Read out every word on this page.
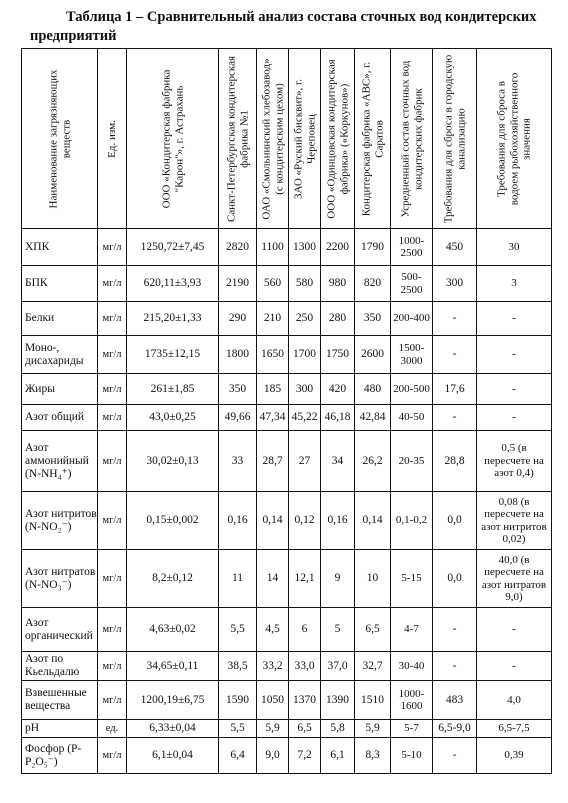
Таблица 1 – Сравнительный анализ состава сточных вод кондитерских
предприятий
Наименование загрязняющих веществ	Ед. изм.	ООО «Кондитерская фабрика "Карон"», г. Астрахань	Санкт-Петербургская кондитерская фабрика №1	ОАО «Смольнинский хлебозавод» (с кондитерским цехом)	ЗАО «Руский бисквит», г. Череповец	ООО «Одинцовская кондитерская фабрика» («Коркунов»)	Кондитерская фабрика «АВС», г. Саратов	Усредненный состав сточных вод кондитерских фабрик	Требования для сброса в городскую канализацию	Требования для сброса в водоем рыбохозяйственного значения

ХПК	мг/л	1250,72±7,45	2820	1100	1300	2200	1790	1000-2500	450	30
БПК	мг/л	620,11±3,93	2190	560	580	980	820	500-2500	300	3
Белки	мг/л	215,20±1,33	290	210	250	280	350	200-400	-	-
Моно-, дисахариды	мг/л	1735±12,15	1800	1650	1700	1750	2600	1500-3000	-	-
Жиры	мг/л	261±1,85	350	185	300	420	480	200-500	17,6	-
Азот общий	мг/л	43,0±0,25	49,66	47,34	45,22	46,18	42,84	40-50	-	-
Азот аммонийный (N-NH₄⁺)	мг/л	30,02±0,13	33	28,7	27	34	26,2	20-35	28,8	0,5 (в пересчете на азот 0,4)
Азот нитритов (N-NO₂⁻)	мг/л	0,15±0,002	0,16	0,14	0,12	0,16	0,14	0,1-0,2	0,0	0,08 (в пересчете на азот нитритов 0,02)
Азот нитратов (N-NO₃⁻)	мг/л	8,2±0,12	11	14	12,1	9	10	5-15	0,0	40,0 (в пересчете на азот нитратов 9,0)
Азот органический	мг/л	4,63±0,02	5,5	4,5	6	5	6,5	4-7	-	-
Азот по Кьельдалю	мг/л	34,65±0,11	38,5	33,2	33,0	37,0	32,7	30-40	-	-
Взвешенные вещества	мг/л	1200,19±6,75	1590	1050	1370	1390	1510	1000-1600	483	4,0
pH	ед.	6,33±0,04	5,5	5,9	6,5	5,8	5,9	5-7	6,5-9,0	6,5-7,5
Фосфор (P-P₂O₅⁻)	мг/л	6,1±0,04	6,4	9,0	7,2	6,1	8,3	5-10	-	0,39
